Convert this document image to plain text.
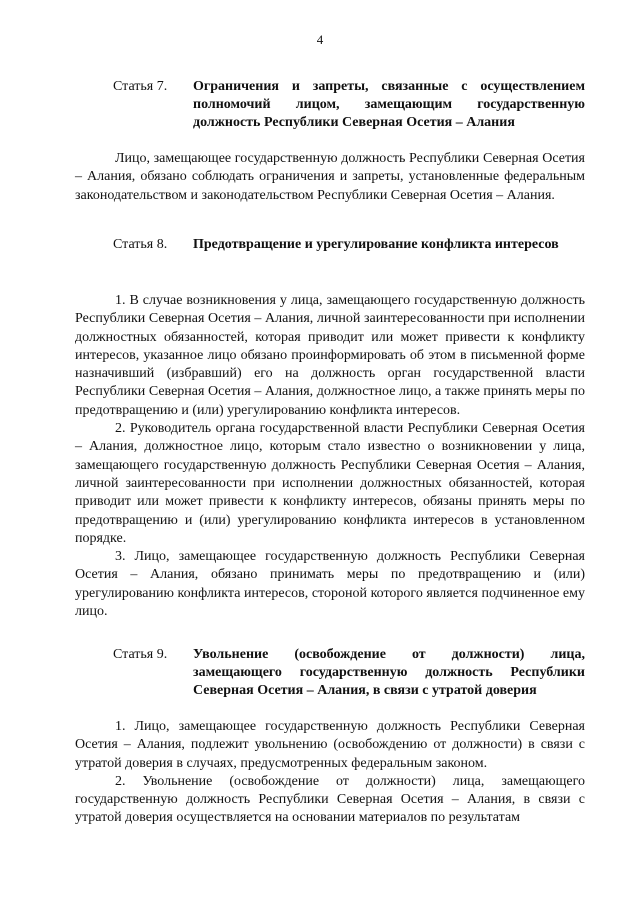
4
Статья 7.	Ограничения и запреты, связанные с осуществлением полномочий лицом, замещающим государственную должность Республики Северная Осетия – Алания

Лицо, замещающее государственную должность Республики Северная Осетия – Алания, обязано соблюдать ограничения и запреты, установленные федеральным законодательством и законодательством Республики Северная Осетия – Алания.

Статья 8.	Предотвращение и урегулирование конфликта интересов

1. В случае возникновения у лица, замещающего государственную должность Республики Северная Осетия – Алания, личной заинтересованности при исполнении должностных обязанностей, которая приводит или может привести к конфликту интересов, указанное лицо обязано проинформировать об этом в письменной форме назначивший (избравший) его на должность орган государственной власти Республики Северная Осетия – Алания, должностное лицо, а также принять меры по предотвращению и (или) урегулированию конфликта интересов.

2. Руководитель органа государственной власти Республики Северная Осетия – Алания, должностное лицо, которым стало известно о возникновении у лица, замещающего государственную должность Республики Северная Осетия – Алания, личной заинтересованности при исполнении должностных обязанностей, которая приводит или может привести к конфликту интересов, обязаны принять меры по предотвращению и (или) урегулированию конфликта интересов в установленном порядке.

3. Лицо, замещающее государственную должность Республики Северная Осетия – Алания, обязано принимать меры по предотвращению и (или) урегулированию конфликта интересов, стороной которого является подчиненное ему лицо.

Статья 9.	Увольнение (освобождение от должности) лица, замещающего государственную должность Республики Северная Осетия – Алания, в связи с утратой доверия

1. Лицо, замещающее государственную должность Республики Северная Осетия – Алания, подлежит увольнению (освобождению от должности) в связи с утратой доверия в случаях, предусмотренных федеральным законом.

2. Увольнение (освобождение от должности) лица, замещающего государственную должность Республики Северная Осетия – Алания, в связи с утратой доверия осуществляется на основании материалов по результатам
